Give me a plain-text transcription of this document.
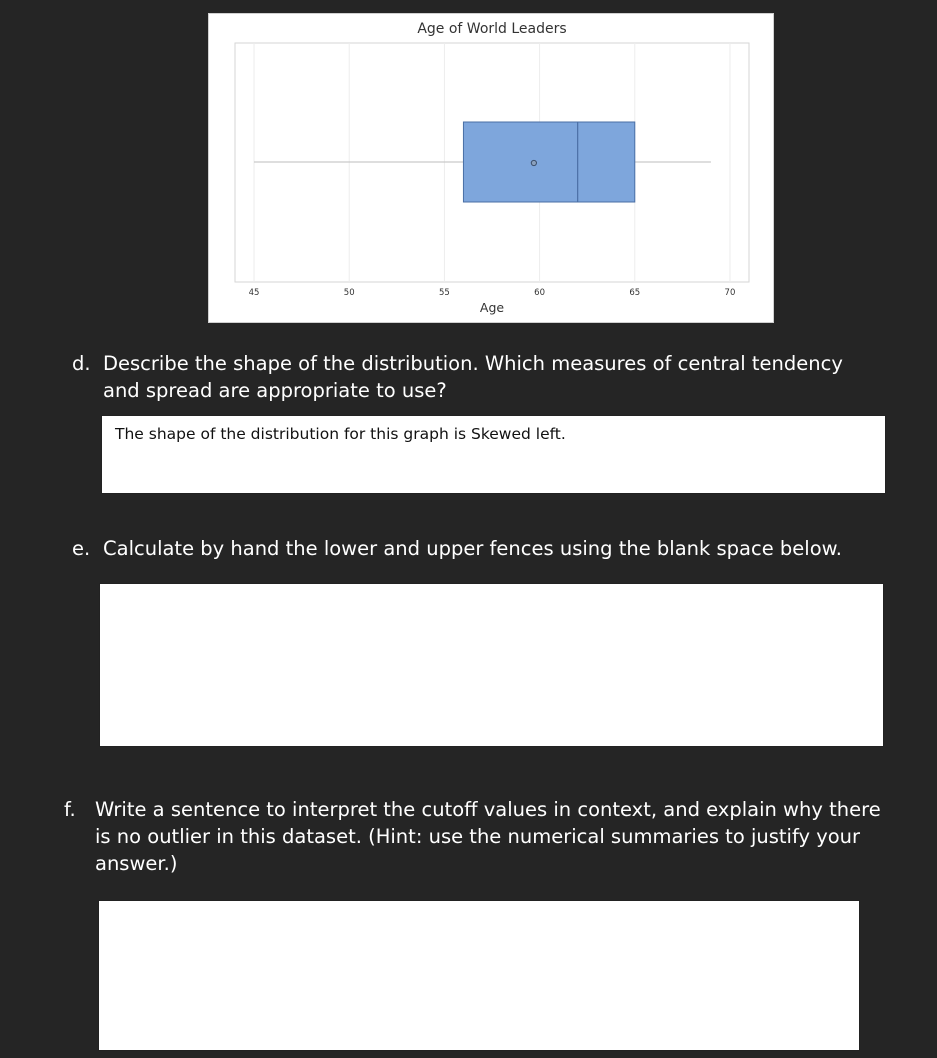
Age of World Leaders
45	50	55	60	65	70
Age
d. Describe the shape of the distribution. Which measures of central tendency
and spread are appropriate to use?
The shape of the distribution for this graph is Skewed left.
e. Calculate by hand the lower and upper fences using the blank space below.
f. Write a sentence to interpret the cutoff values in context, and explain why there
is no outlier in this dataset. (Hint: use the numerical summaries to justify your
answer.)
